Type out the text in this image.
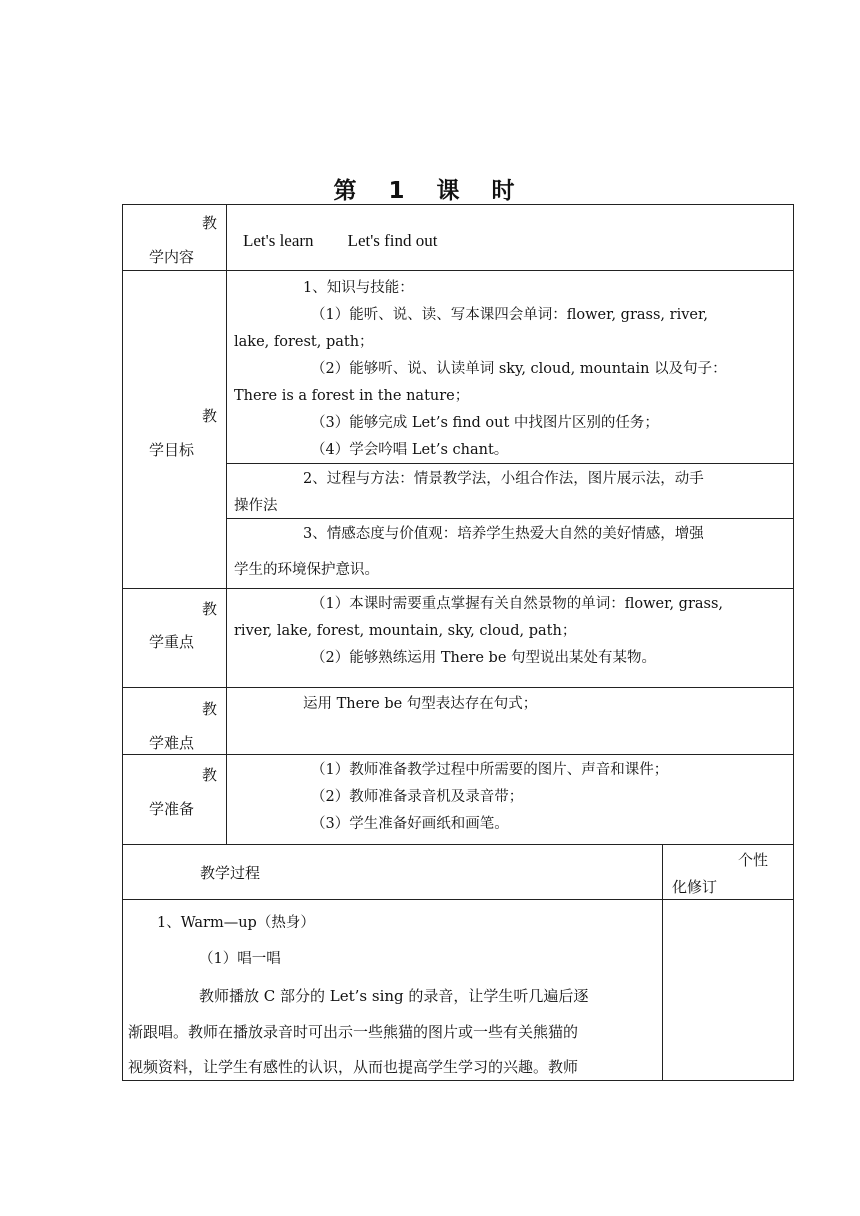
第 1 课 时
教
学内容
Let's learn        Let's find out
教
学目标
1、知识与技能：
（1）能听、说、读、写本课四会单词：flower, grass, river,
lake, forest, path；
（2）能够听、说、认读单词 sky, cloud, mountain 以及句子：
There is a forest in the nature；
（3）能够完成 Let’s find out 中找图片区别的任务；
（4）学会吟唱 Let’s chant。
2、过程与方法：情景教学法，小组合作法，图片展示法，动手
操作法
3、情感态度与价值观：培养学生热爱大自然的美好情感，增强
学生的环境保护意识。
教
学重点
（1）本课时需要重点掌握有关自然景物的单词：flower, grass,
river, lake, forest, mountain, sky, cloud, path；
（2）能够熟练运用 There be 句型说出某处有某物。
教
学难点
运用 There be 句型表达存在句式；
教
学准备
（1）教师准备教学过程中所需要的图片、声音和课件；
（2）教师准备录音机及录音带；
（3）学生准备好画纸和画笔。
教学过程
个性
化修订
1、Warm—up（热身）
（1）唱一唱
教师播放 C 部分的 Let’s sing 的录音，让学生听几遍后逐
渐跟唱。教师在播放录音时可出示一些熊猫的图片或一些有关熊猫的
视频资料，让学生有感性的认识，从而也提高学生学习的兴趣。教师
